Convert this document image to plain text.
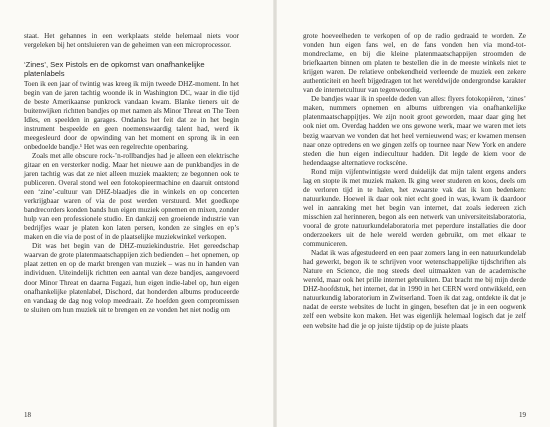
staat. Het gehannes in een werkplaats stelde helemaal niets voor vergeleken bij het ontsluieren van de geheimen van een microprocessor.

‘Zines’, Sex Pistols en de opkomst van onafhankelijke platenlabels

Toen ik een jaar of twintig was kreeg ik mijn tweede DHZ-moment. In het begin van de jaren tachtig woonde ik in Washington DC, waar in die tijd de beste Amerikaanse punkrock vandaan kwam. Blanke tieners uit de buitenwijken richtten bandjes op met namen als Minor Threat en The Teen Idles, en speelden in garages. Ondanks het feit dat ze in het begin instrument bespeelde en geen noemenswaardig talent had, werd ik meegesleurd door de opwinding van het moment en sprong ik in een onbedoelde bandje.¹ Het was een regelrechte openbaring.

Zoals met alle obscure rock-’n-rollbandjes had je alleen een elektrische gitaar en en versterker nodig. Maar het nieuwe aan de punkbandjes in de jaren tachtig was dat ze niet alleen muziek maakten; ze begonnen ook te publiceren. Overal stond wel een fotokopieermachine en daaruit ontstond een ‘zine’-cultuur van DHZ-blaadjes die in winkels en op concerten verkrijgbaar waren of via de post werden verstuurd. Met goedkope bandrecorders konden bands hun eigen muziek opnemen en mixen, zonder hulp van een professionele studio. En dankzij een groeiende industrie van bedrijfjes waar je platen kon laten persen, konden ze singles en ep’s maken en die via de post of in de plaatselijke muziekwinkel verkopen.

Dit was het begin van de DHZ-muziekindustrie. Het gereedschap waarvan de grote platenmaatschappijen zich bedienden – het opnemen, op plaat zetten en op de markt brengen van muziek – was nu in handen van individuen. Uiteindelijk richtten een aantal van deze bandjes, aangevoerd door Minor Threat en daarna Fugazi, hun eigen indie-label op, hun eigen onafhankelijke platenlabel, Dischord, dat honderden albums produceerde en vandaag de dag nog volop meedraait. Ze hoefden geen compromissen te sluiten om hun muziek uit te brengen en ze vonden het niet nodig om

18

grote hoeveelheden te verkopen of op de radio gedraaid te worden. Ze vonden hun eigen fans wel, en de fans vonden hen via mond-tot-mondreclame, en bij die kleine platenmaatschappijen stroomden de briefkaarten binnen om platen te bestellen die in de meeste winkels niet te krijgen waren. De relatieve onbekendheid verleende de muziek een zekere authenticiteit en heeft bijgedragen tot het wereldwijde ondergrondse karakter van de internetcultuur van tegenwoordig.

De bandjes waar ik in speelde deden van alles: flyers fotokopiëren, ‘zines’ maken, nummers opnemen en albums uitbrengen via onafhankelijke platenmaatschappijtjes. We zijn nooit groot geworden, maar daar ging het ook niet om. Overdag hadden we ons gewone werk, maar we waren met iets bezig waarvan we vonden dat het heel vernieuwend was; er kwamen mensen naar onze optredens en we gingen zelfs op tournee naar New York en andere steden die hun eigen indiecultuur hadden. Dit legde de kiem voor de hedendaagse alternatieve rockscène.

Rond mijn vijfentwintigste werd duidelijk dat mijn talent ergens anders lag en stopte ik met muziek maken. Ik ging weer studeren en koos, deels om de verloren tijd in te halen, het zwaarste vak dat ik kon bedenken: natuurkunde. Hoewel ik daar ook niet echt goed in was, kwam ik daardoor wel in aanraking met het begin van internet, dat zoals iedereen zich misschien zal herinneren, begon als een netwerk van universiteitslaboratoria, vooral de grote natuurkundelaboratoria met peperdure installaties die door onderzoekers uit de hele wereld werden gebruikt, om met elkaar te communiceren.

Nadat ik was afgestudeerd en een paar zomers lang in een natuurkundelab had gewerkt, begon ik te schrijven voor wetenschappelijke tijdschriften als Nature en Science, die nog steeds deel uitmaakten van de academische wereld, maar ook het prille internet gebruikten. Dat bracht me bij mijn derde DHZ-hoofdstuk, het internet, dat in 1990 in het CERN werd ontwikkeld, een natuurkundig laboratorium in Zwitserland. Toen ik dat zag, ontdekte ik dat je nadat de eerste websites de lucht in gingen, beseften dat je in een oogwenk zelf een website kon maken. Het was eigenlijk helemaal logisch dat je zelf een website had die je op juiste tijdstip op de juiste plaats

19
